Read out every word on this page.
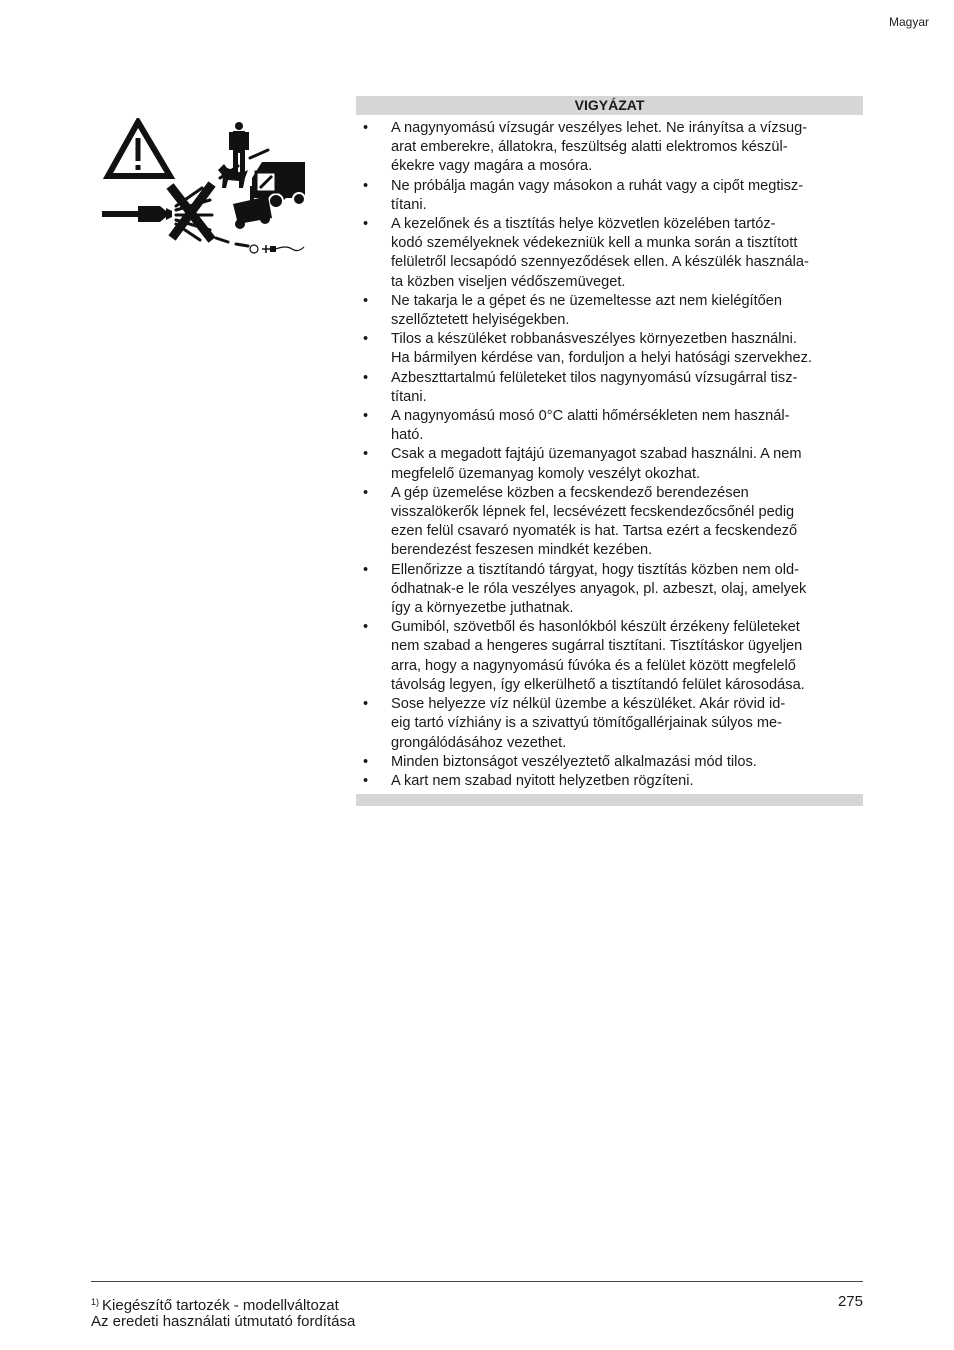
Magyar
VIGYÁZAT
• A nagynyomású vízsugár veszélyes lehet. Ne irányítsa a vízsug-
arat emberekre, állatokra, feszültség alatti elektromos készül-
ékekre vagy magára a mosóra.
• Ne próbálja magán vagy másokon a ruhát vagy a cipőt megtisz-
títani.
• A kezelőnek és a tisztítás helye közvetlen közelében tartóz-
kodó személyeknek védekezniük kell a munka során a tisztított
felületről lecsapódó szennyeződések ellen. A készülék használa-
ta közben viseljen védőszemüveget.
• Ne takarja le a gépet és ne üzemeltesse azt nem kielégítően
szellőztetett helyiségekben.
• Tilos a készüléket robbanásveszélyes környezetben használni.
Ha bármilyen kérdése van, forduljon a helyi hatósági szervekhez.
• Azbeszttartalmú felületeket tilos nagynyomású vízsugárral tisz-
títani.
• A nagynyomású mosó 0°C alatti hőmérsékleten nem használ-
ható.
• Csak a megadott fajtájú üzemanyagot szabad használni. A nem
megfelelő üzemanyag komoly veszélyt okozhat.
• A gép üzemelése közben a fecskendező berendezésen
visszalökerők lépnek fel, lecsévézett fecskendezőcsőnél pedig
ezen felül csavaró nyomaték is hat. Tartsa ezért a fecskendező
berendezést feszesen mindkét kezében.
• Ellenőrizze a tisztítandó tárgyat, hogy tisztítás közben nem old-
ódhatnak-e le róla veszélyes anyagok, pl. azbeszt, olaj, amelyek
így a környezetbe juthatnak.
• Gumiból, szövetből és hasonlókból készült érzékeny felületeket
nem szabad a hengeres sugárral tisztítani. Tisztításkor ügyeljen
arra, hogy a nagynyomású fúvóka és a felület között megfelelő
távolság legyen, így elkerülhető a tisztítandó felület károsodása.
• Sose helyezze víz nélkül üzembe a készüléket. Akár rövid id-
eig tartó vízhiány is a szivattyú tömítőgallérjainak súlyos me-
grongálódásához vezethet.
• Minden biztonságot veszélyeztető alkalmazási mód tilos.
• A kart nem szabad nyitott helyzetben rögzíteni.
$^{1)}$ Kiegészítő tartozék - modellváltozat
Az eredeti használati útmutató fordítása
275
